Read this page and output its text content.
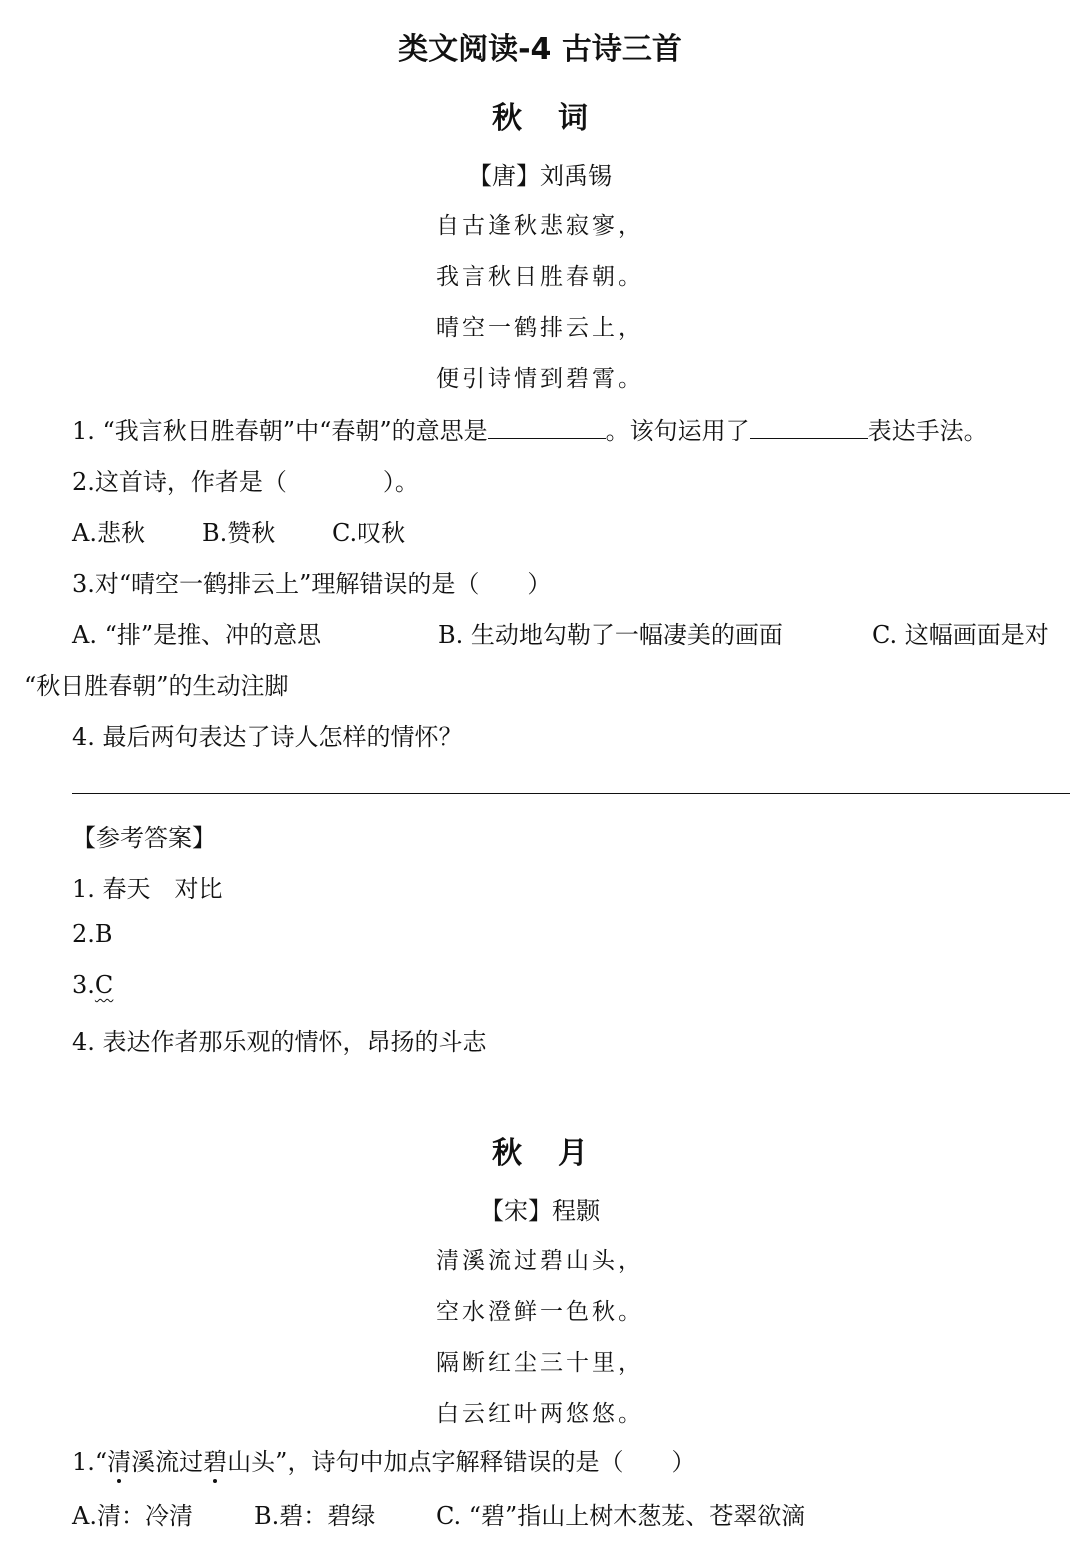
类文阅读-4 古诗三首
秋词
【唐】刘禹锡
自古逢秋悲寂寥，
我言秋日胜春朝。
晴空一鹤排云上，
便引诗情到碧霄。
1. “我言秋日胜春朝”中“春朝”的意思是	。该句运用了	表达手法。
2.这首诗，作者是（　　　　）。
A.悲秋 B.赞秋 C.叹秋
3.对“晴空一鹤排云上”理解错误的是（　　）
A. “排”是推、冲的意思	B. 生动地勾勒了一幅凄美的画面	C. 这幅画面是对
“秋日胜春朝”的生动注脚
4. 最后两句表达了诗人怎样的情怀？
【参考答案】
1. 春天　对比
2.B
3.C
4. 表达作者那乐观的情怀，昂扬的斗志
秋月
【宋】程颢
清溪流过碧山头，
空水澄鲜一色秋。
隔断红尘三十里，
白云红叶两悠悠。
1.“清溪流过碧山头”，诗句中加点字解释错误的是（　　）
A.清：冷清	B.碧：碧绿	C. “碧”指山上树木葱茏、苍翠欲滴
